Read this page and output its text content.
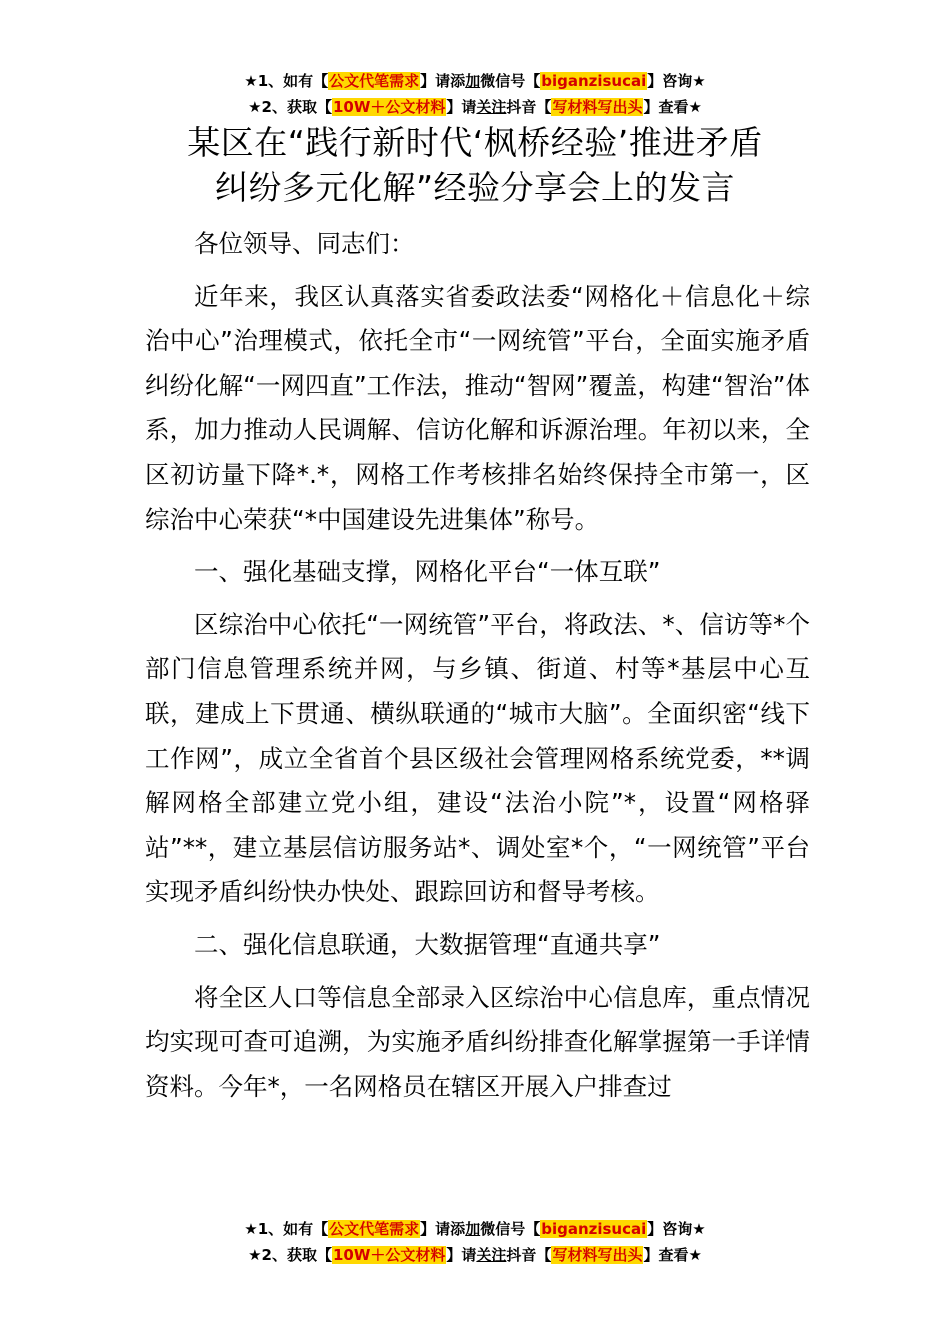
★1、如有【公文代笔需求】请添加微信号【biganzisucai】咨询★
★2、获取【10W＋公文材料】请关注抖音【写材料写出头】查看★
某区在“践行新时代‘枫桥经验’推进矛盾
纠纷多元化解”经验分享会上的发言

各位领导、同志们：

近年来，我区认真落实省委政法委“网格化＋信息化＋综治中心”治理模式，依托全市“一网统管”平台，全面实施矛盾纠纷化解“一网四直”工作法，推动“智网”覆盖，构建“智治”体系，加力推动人民调解、信访化解和诉源治理。年初以来，全区初访量下降*.*，网格工作考核排名始终保持全市第一，区综治中心荣获“*中国建设先进集体”称号。

一、强化基础支撑，网格化平台“一体互联”

区综治中心依托“一网统管”平台，将政法、*、信访等*个部门信息管理系统并网，与乡镇、街道、村等*基层中心互联，建成上下贯通、横纵联通的“城市大脑”。全面织密“线下工作网”，成立全省首个县区级社会管理网格系统党委，**调解网格全部建立党小组，建设“法治小院”*，设置“网格驿站”**，建立基层信访服务站*、调处室*个，“一网统管”平台实现矛盾纠纷快办快处、跟踪回访和督导考核。

二、强化信息联通，大数据管理“直通共享”

将全区人口等信息全部录入区综治中心信息库，重点情况均实现可查可追溯，为实施矛盾纠纷排查化解掌握第一手详情资料。今年*，一名网格员在辖区开展入户排查过

★1、如有【公文代笔需求】请添加微信号【biganzisucai】咨询★
★2、获取【10W＋公文材料】请关注抖音【写材料写出头】查看★
